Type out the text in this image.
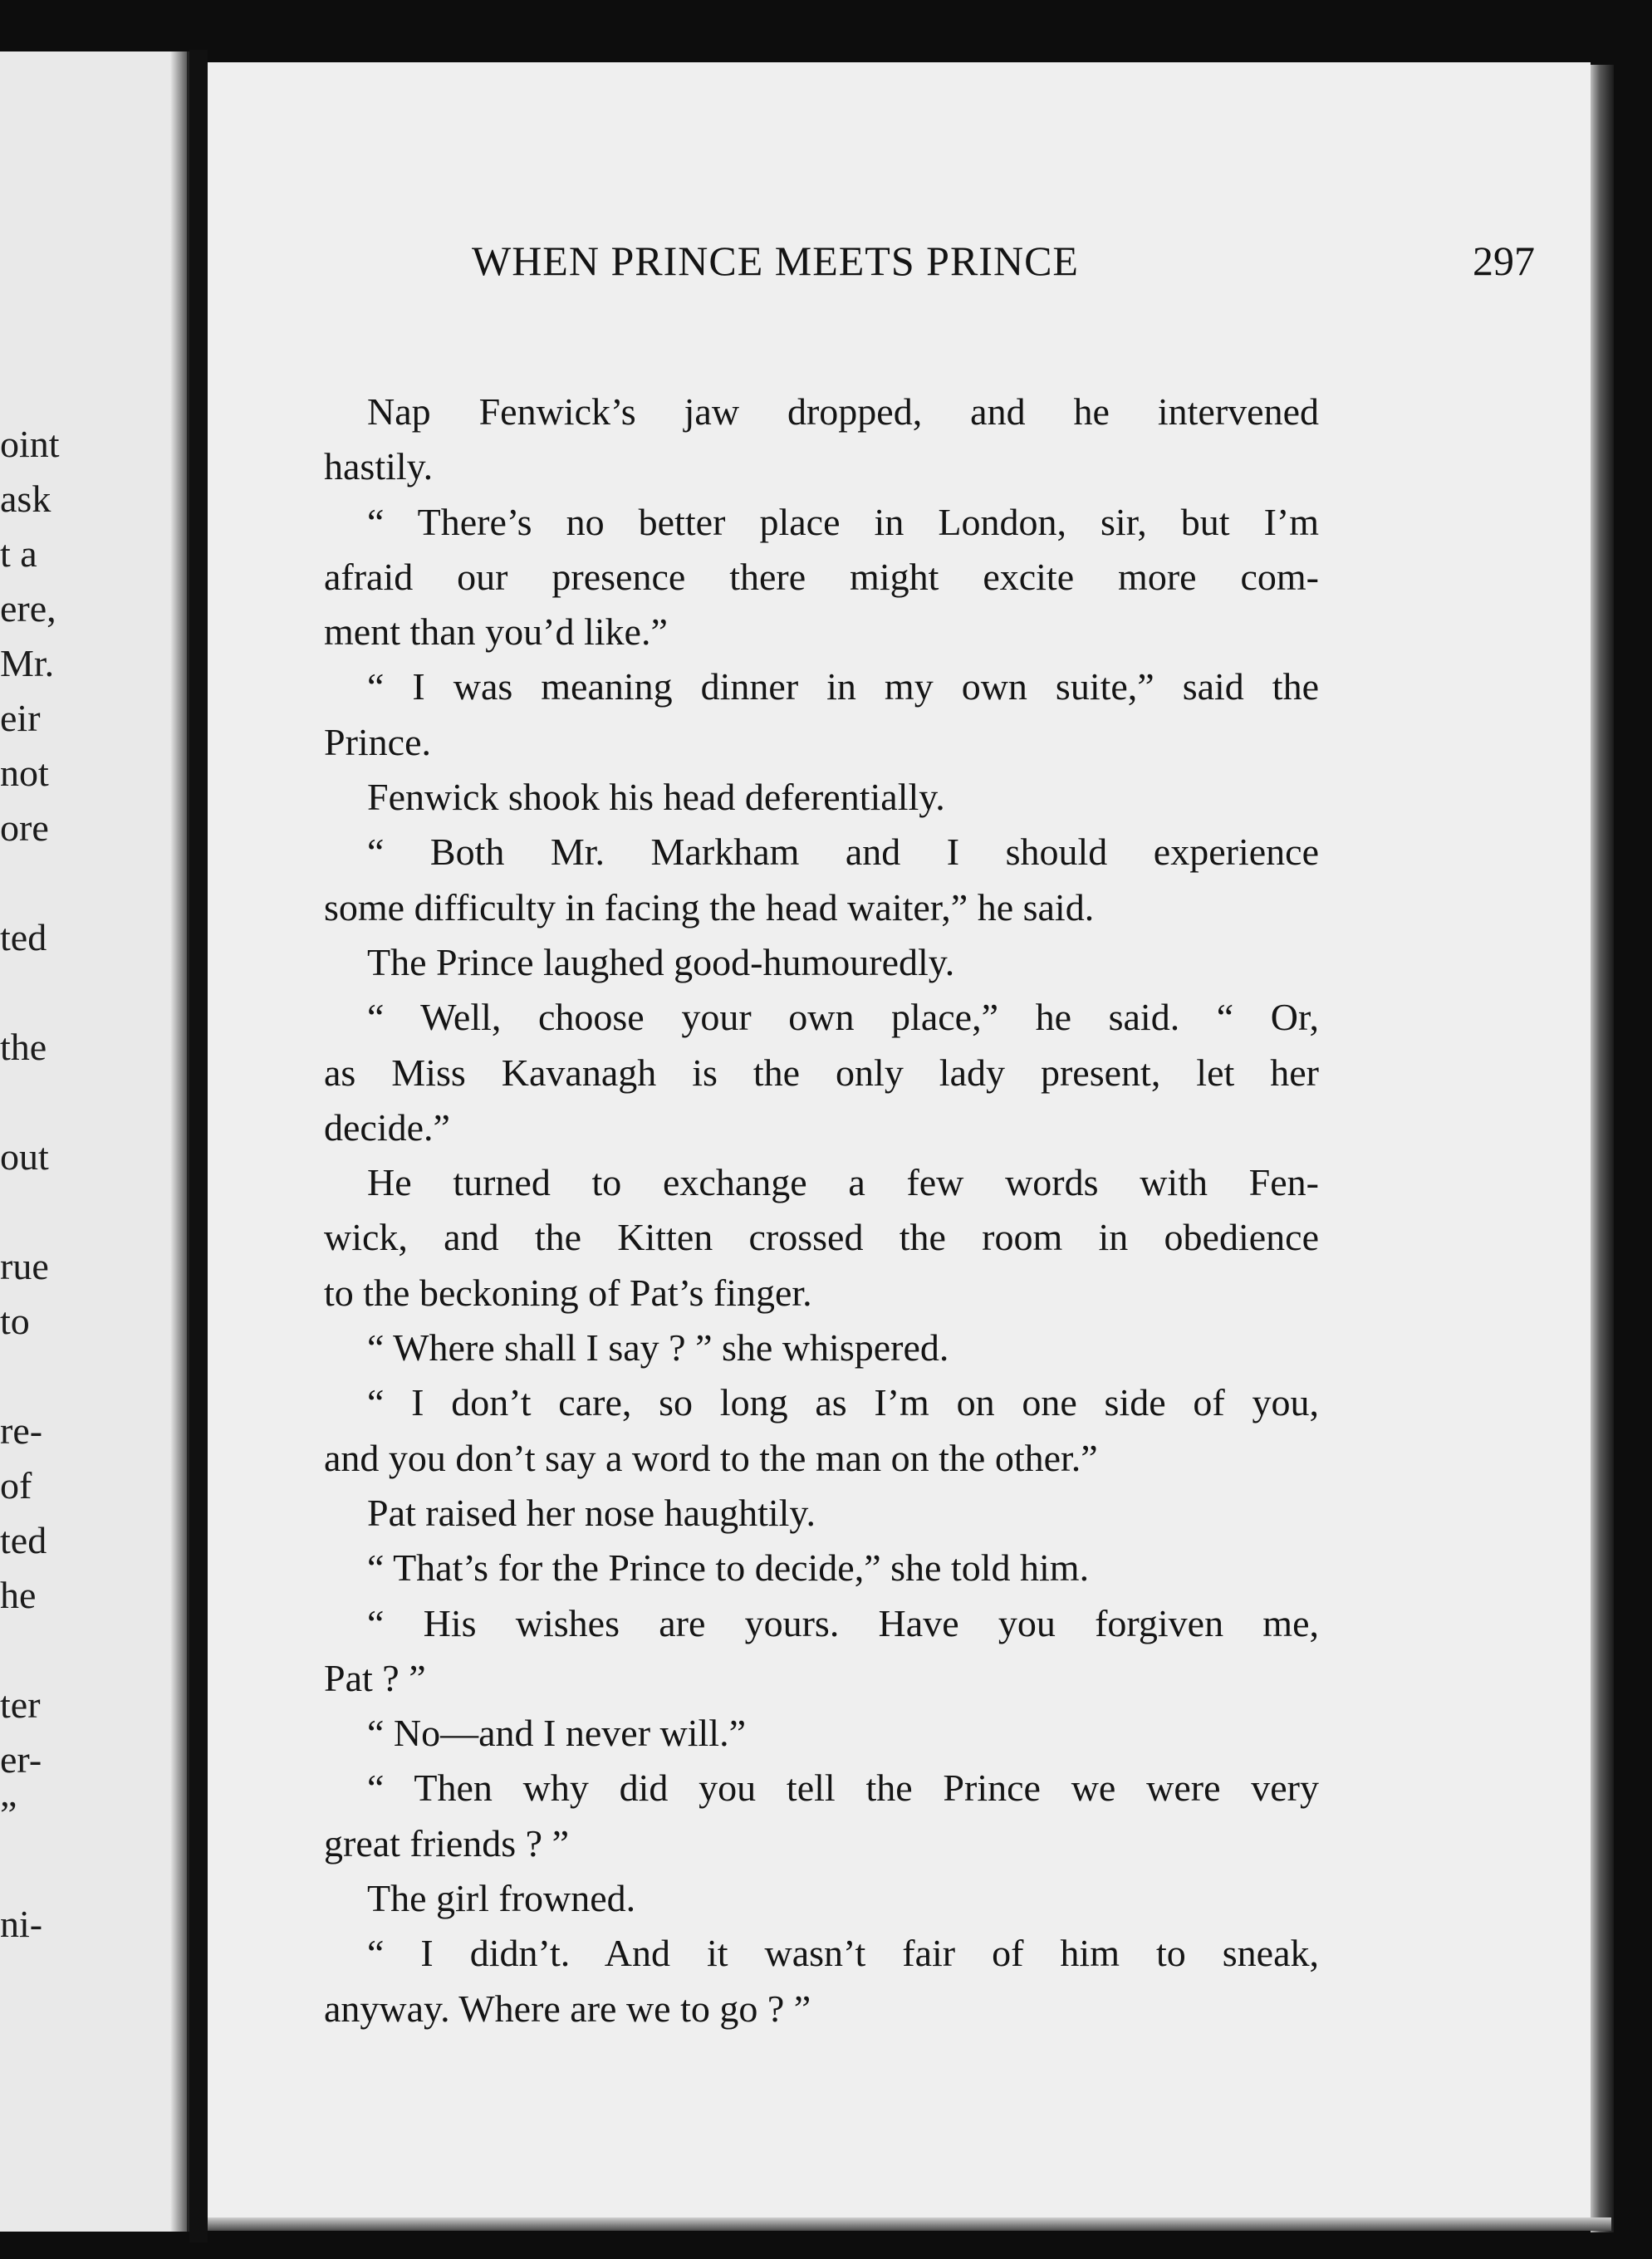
oint
ask
t a
ere,
Mr.
eir
not
ore
ted
the
out
rue
to
re-
of
ted
he
ter
er-
”
ni-
WHEN PRINCE MEETS PRINCE	297
Nap Fenwick’s jaw dropped, and he intervened
hastily.
“ There’s no better place in London, sir, but I’m
afraid our presence there might excite more com-
ment than you’d like.”
“ I was meaning dinner in my own suite,” said the
Prince.
Fenwick shook his head deferentially.
“ Both Mr. Markham and I should experience
some difficulty in facing the head waiter,” he said.
The Prince laughed good-humouredly.
“ Well, choose your own place,” he said. “ Or,
as Miss Kavanagh is the only lady present, let her
decide.”
He turned to exchange a few words with Fen-
wick, and the Kitten crossed the room in obedience
to the beckoning of Pat’s finger.
“ Where shall I say ? ” she whispered.
“ I don’t care, so long as I’m on one side of you,
and you don’t say a word to the man on the other.”
Pat raised her nose haughtily.
“ That’s for the Prince to decide,” she told him.
“ His wishes are yours. Have you forgiven me,
Pat ? ”
“ No—and I never will.”
“ Then why did you tell the Prince we were very
great friends ? ”
The girl frowned.
“ I didn’t. And it wasn’t fair of him to sneak,
anyway. Where are we to go ? ”
